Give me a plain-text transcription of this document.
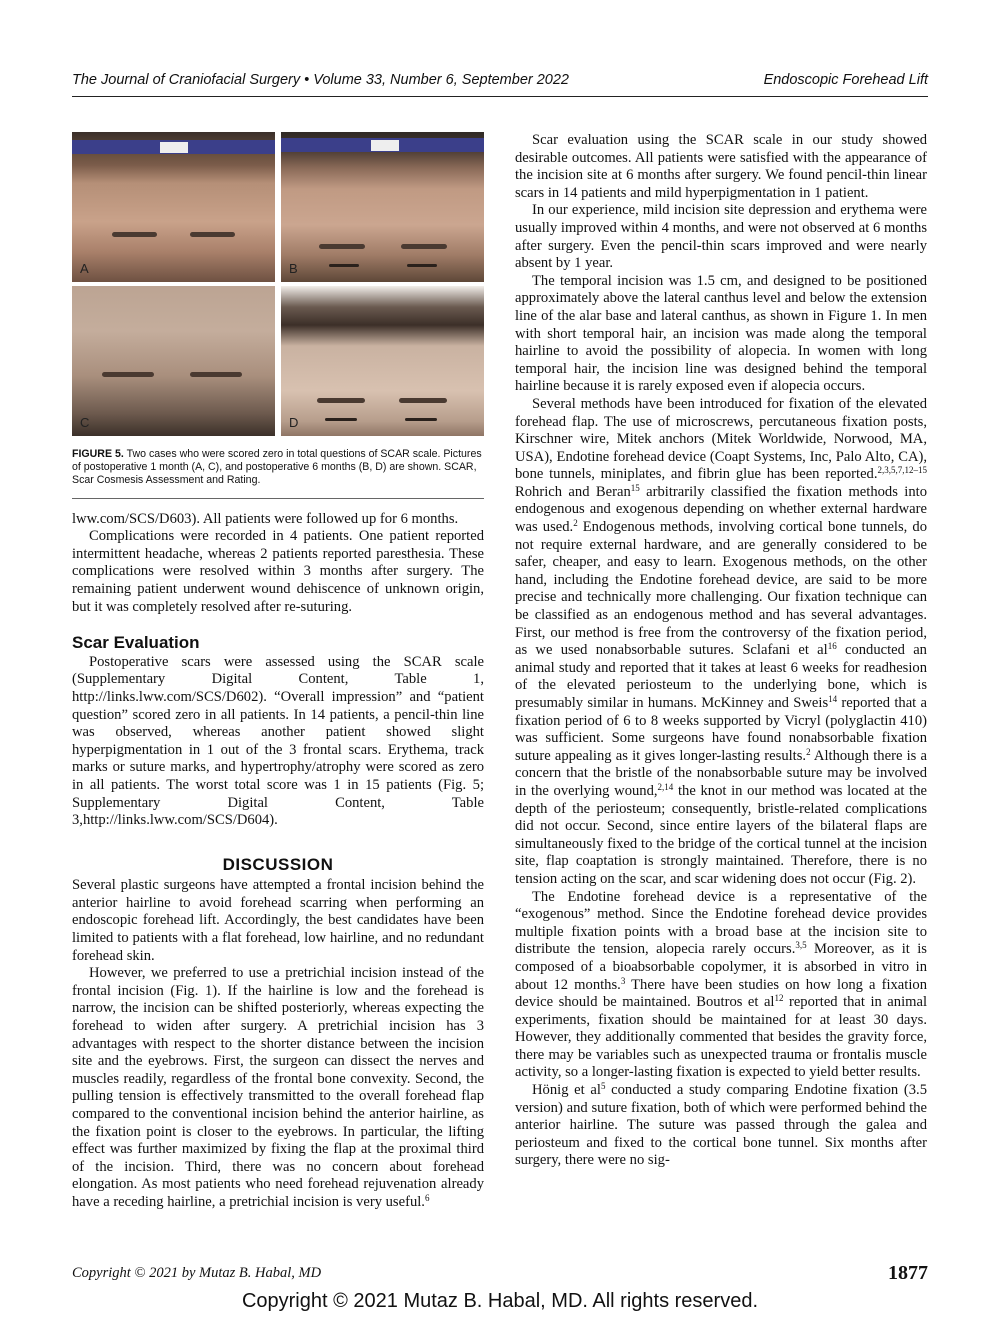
The Journal of Craniofacial Surgery • Volume 33, Number 6, September 2022	Endoscopic Forehead Lift
A	B
C	D
FIGURE 5. Two cases who were scored zero in total questions of SCAR scale. Pictures of postoperative 1 month (A, C), and postoperative 6 months (B, D) are shown. SCAR, Scar Cosmesis Assessment and Rating.

lww.com/SCS/D603). All patients were followed up for 6 months.

Complications were recorded in 4 patients. One patient reported intermittent headache, whereas 2 patients reported paresthesia. These complications were resolved within 3 months after surgery. The remaining patient underwent wound dehiscence of unknown origin, but it was completely resolved after re-suturing.

Scar Evaluation

Postoperative scars were assessed using the SCAR scale (Supplementary Digital Content, Table 1, http://links.lww.com/SCS/D602). “Overall impression” and “patient question” scored zero in all patients. In 14 patients, a pencil-thin line was observed, whereas another patient showed slight hyperpigmentation in 1 out of the 3 frontal scars. Erythema, track marks or suture marks, and hypertrophy/atrophy were scored as zero in all patients. The worst total score was 1 in 15 patients (Fig. 5; Supplementary Digital Content, Table 3,http://links.lww.com/SCS/D604).

DISCUSSION

Several plastic surgeons have attempted a frontal incision behind the anterior hairline to avoid forehead scarring when performing an endoscopic forehead lift. Accordingly, the best candidates have been limited to patients with a flat forehead, low hairline, and no redundant forehead skin.

However, we preferred to use a pretrichial incision instead of the frontal incision (Fig. 1). If the hairline is low and the forehead is narrow, the incision can be shifted posteriorly, whereas expecting the forehead to widen after surgery. A pretrichial incision has 3 advantages with respect to the shorter distance between the incision site and the eyebrows. First, the surgeon can dissect the nerves and muscles readily, regardless of the frontal bone convexity. Second, the pulling tension is effectively transmitted to the overall forehead flap compared to the conventional incision behind the anterior hairline, as the fixation point is closer to the eyebrows. In particular, the lifting effect was further maximized by fixing the flap at the proximal third of the incision. Third, there was no concern about forehead elongation. As most patients who need forehead rejuvenation already have a receding hairline, a pretrichial incision is very useful.$^6$

Scar evaluation using the SCAR scale in our study showed desirable outcomes. All patients were satisfied with the appearance of the incision site at 6 months after surgery. We found pencil-thin linear scars in 14 patients and mild hyperpigmentation in 1 patient.

In our experience, mild incision site depression and erythema were usually improved within 4 months, and were not observed at 6 months after surgery. Even the pencil-thin scars improved and were nearly absent by 1 year.

The temporal incision was 1.5 cm, and designed to be positioned approximately above the lateral canthus level and below the extension line of the alar base and lateral canthus, as shown in Figure 1. In men with short temporal hair, an incision was made along the temporal hairline to avoid the possibility of alopecia. In women with long temporal hair, the incision line was designed behind the temporal hairline because it is rarely exposed even if alopecia occurs.

Several methods have been introduced for fixation of the elevated forehead flap. The use of microscrews, percutaneous fixation posts, Kirschner wire, Mitek anchors (Mitek Worldwide, Norwood, MA, USA), Endotine forehead device (Coapt Systems, Inc, Palo Alto, CA), bone tunnels, miniplates, and fibrin glue has been reported.$^{2,3,5,7,12-15}$ Rohrich and Beran$^{15}$ arbitrarily classified the fixation methods into endogenous and exogenous depending on whether external hardware was used.$^2$ Endogenous methods, involving cortical bone tunnels, do not require external hardware, and are generally considered to be safer, cheaper, and easy to learn. Exogenous methods, on the other hand, including the Endotine forehead device, are said to be more precise and technically more challenging. Our fixation technique can be classified as an endogenous method and has several advantages. First, our method is free from the controversy of the fixation period, as we used nonabsorbable sutures. Sclafani et $al^{16}$ conducted an animal study and reported that it takes at least 6 weeks for readhesion of the elevated periosteum to the underlying bone, which is presumably similar in humans. McKinney and Sweis$^{14}$ reported that a fixation period of 6 to 8 weeks supported by Vicryl (polyglactin 410) was sufficient. Some surgeons have found nonabsorbable fixation suture appealing as it gives longer-lasting results.$^2$ Although there is a concern that the bristle of the nonabsorbable suture may be involved in the overlying wound,$^{2,14}$ the knot in our method was located at the depth of the periosteum; consequently, bristle-related complications did not occur. Second, since entire layers of the bilateral flaps are simultaneously fixed to the bridge of the cortical tunnel at the incision site, flap coaptation is strongly maintained. Therefore, there is no tension acting on the scar, and scar widening does not occur (Fig. 2).

The Endotine forehead device is a representative of the “exogenous” method. Since the Endotine forehead device provides multiple fixation points with a broad base at the incision site to distribute the tension, alopecia rarely occurs.$^{3,5}$ Moreover, as it is composed of a bioabsorbable copolymer, it is absorbed in vitro in about 12 months.$^3$ There have been studies on how long a fixation device should be maintained. Boutros et $al^{12}$ reported that in animal experiments, fixation should be maintained for at least 30 days. However, they additionally commented that besides the gravity force, there may be variables such as unexpected trauma or frontalis muscle activity, so a longer-lasting fixation is expected to yield better results.

Hönig et $al^5$ conducted a study comparing Endotine fixation (3.5 version) and suture fixation, both of which were performed behind the anterior hairline. The suture was passed through the galea and periosteum and fixed to the cortical bone tunnel. Six months after surgery, there were no sig-

Copyright © 2021 by Mutaz B. Habal, MD	1877
Copyright © 2021 Mutaz B. Habal, MD. All rights reserved.
